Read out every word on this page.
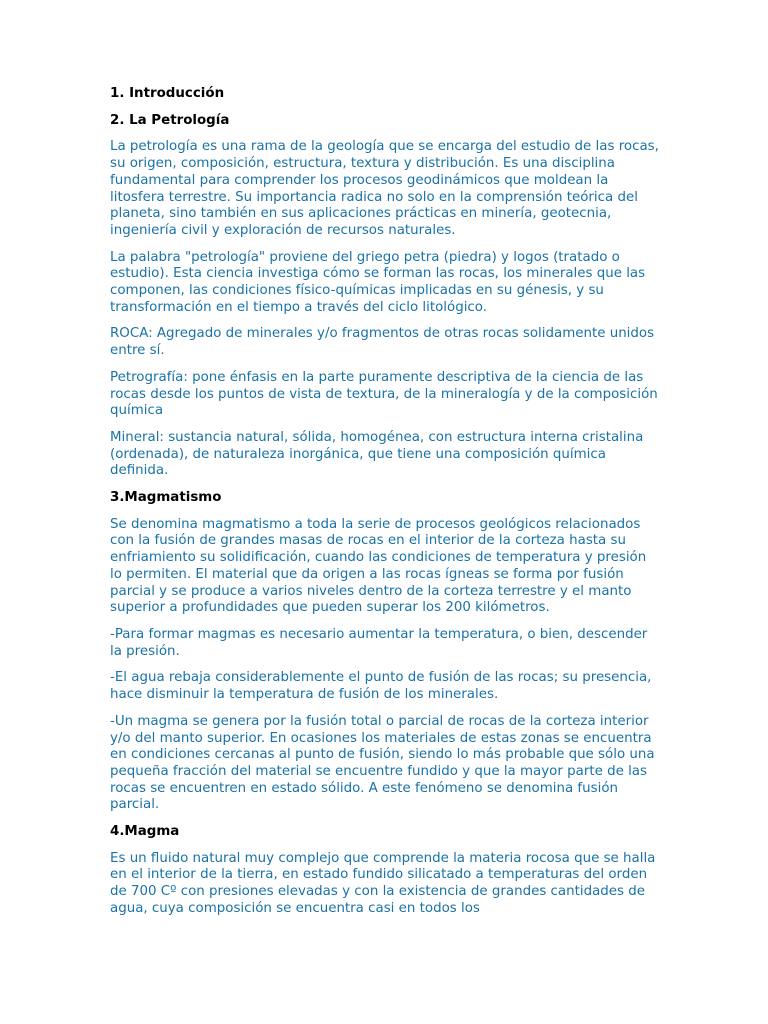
1. Introducción
2. La Petrología

La petrología es una rama de la geología que se encarga del estudio de las rocas, su origen, composición, estructura, textura y distribución. Es una disciplina fundamental para comprender los procesos geodinámicos que moldean la litosfera terrestre. Su importancia radica no solo en la comprensión teórica del planeta, sino también en sus aplicaciones prácticas en minería, geotecnia, ingeniería civil y exploración de recursos naturales.

La palabra "petrología" proviene del griego petra (piedra) y logos (tratado o estudio). Esta ciencia investiga cómo se forman las rocas, los minerales que las componen, las condiciones físico-químicas implicadas en su génesis, y su transformación en el tiempo a través del ciclo litológico.

ROCA: Agregado de minerales y/o fragmentos de otras rocas solidamente unidos entre sí.

Petrografía: pone énfasis en la parte puramente descriptiva de la ciencia de las rocas desde los puntos de vista de textura, de la mineralogía y de la composición química

Mineral: sustancia natural, sólida, homogénea, con estructura interna cristalina (ordenada), de naturaleza inorgánica, que tiene una composición química definida.

3.Magmatismo

Se denomina magmatismo a toda la serie de procesos geológicos relacionados con la fusión de grandes masas de rocas en el interior de la corteza hasta su enfriamiento su solidificación, cuando las condiciones de temperatura y presión lo permiten. El material que da origen a las rocas ígneas se forma por fusión parcial y se produce a varios niveles dentro de la corteza terrestre y el manto superior a profundidades que pueden superar los 200 kilómetros.

-Para formar magmas es necesario aumentar la temperatura, o bien, descender la presión.

-El agua rebaja considerablemente el punto de fusión de las rocas; su presencia, hace disminuir la temperatura de fusión de los minerales.

-Un magma se genera por la fusión total o parcial de rocas de la corteza interior y/o del manto superior. En ocasiones los materiales de estas zonas se encuentra en condiciones cercanas al punto de fusión, siendo lo más probable que sólo una pequeña fracción del material se encuentre fundido y que la mayor parte de las rocas se encuentren en estado sólido. A este fenómeno se denomina fusión parcial.

4.Magma

Es un fluido natural muy complejo que comprende la materia rocosa que se halla en el interior de la tierra, en estado fundido silicatado a temperaturas del orden de 700 Cº con presiones elevadas y con la existencia de grandes cantidades de agua, cuya composición se encuentra casi en todos los
